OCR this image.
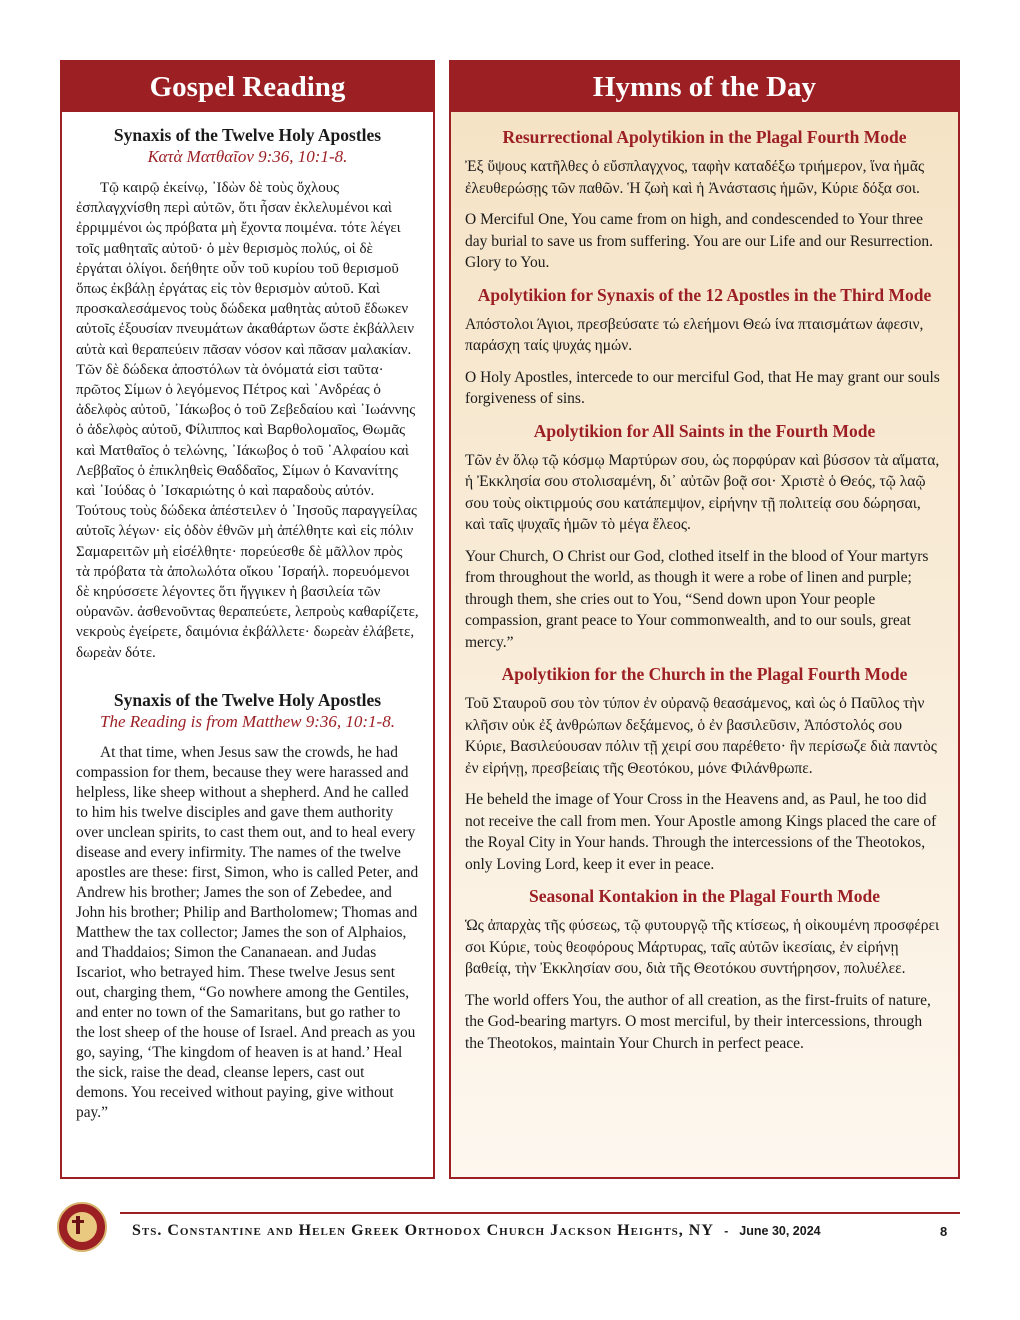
Gospel Reading

Synaxis of the Twelve Holy Apostles

Κατὰ Ματθαῖον 9:36, 10:1-8.

Τῷ καιρῷ ἐκείνῳ, ᾿Ιδὼν δὲ τοὺς ὄχλους ἐσπλαγχνίσθη περὶ αὐτῶν, ὅτι ἦσαν ἐκλελυμένοι καὶ ἐρριμμένοι ὡς πρόβατα μὴ ἔχοντα ποιμένα. τότε λέγει τοῖς μαθηταῖς αὐτοῦ· ὁ μὲν θερισμὸς πολύς, οἱ δὲ ἐργάται ὀλίγοι. δεήθητε οὖν τοῦ κυρίου τοῦ θερισμοῦ ὅπως ἐκβάλῃ ἐργάτας εἰς τὸν θερισμὸν αὐτοῦ. Καὶ προσκαλεσάμενος τοὺς δώδεκα μαθητὰς αὐτοῦ ἔδωκεν αὐτοῖς ἐξουσίαν πνευμάτων ἀκαθάρτων ὥστε ἐκβάλλειν αὐτὰ καὶ θεραπεύειν πᾶσαν νόσον καὶ πᾶσαν μαλακίαν. Τῶν δὲ δώδεκα ἀποστόλων τὰ ὀνόματά εἰσι ταῦτα· πρῶτος Σίμων ὁ λεγόμενος Πέτρος καὶ ᾿Ανδρέας ὁ ἀδελφὸς αὐτοῦ, ᾿Ιάκωβος ὁ τοῦ Ζεβεδαίου καὶ ᾿Ιωάννης ὁ ἀδελφὸς αὐτοῦ, Φίλιππος καὶ Βαρθολομαῖος, Θωμᾶς καὶ Ματθαῖος ὁ τελώνης, ᾿Ιάκωβος ὁ τοῦ ᾿Αλφαίου καὶ Λεββαῖος ὁ ἐπικληθεὶς Θαδδαῖος, Σίμων ὁ Κανανίτης καὶ ᾿Ιούδας ὁ ᾿Ισκαριώτης ὁ καὶ παραδοὺς αὐτόν. Τούτους τοὺς δώδεκα ἀπέστειλεν ὁ ᾿Ιησοῦς παραγγείλας αὐτοῖς λέγων· εἰς ὁδὸν ἐθνῶν μὴ ἀπέλθητε καὶ εἰς πόλιν Σαμαρειτῶν μὴ εἰσέλθητε· πορεύεσθε δὲ μᾶλλον πρὸς τὰ πρόβατα τὰ ἀπολωλότα οἴκου ᾿Ισραήλ. πορευόμενοι δὲ κηρύσσετε λέγοντες ὅτι ἤγγικεν ἡ βασιλεία τῶν οὐρανῶν. ἀσθενοῦντας θεραπεύετε, λεπροὺς καθαρίζετε, νεκροὺς ἐγείρετε, δαιμόνια ἐκβάλλετε· δωρεὰν ἐλάβετε, δωρεὰν δότε.

Synaxis of the Twelve Holy Apostles

The Reading is from Matthew 9:36, 10:1-8.

At that time, when Jesus saw the crowds, he had compassion for them, because they were harassed and helpless, like sheep without a shepherd. And he called to him his twelve disciples and gave them authority over unclean spirits, to cast them out, and to heal every disease and every infirmity. The names of the twelve apostles are these: first, Simon, who is called Peter, and Andrew his brother; James the son of Zebedee, and John his brother; Philip and Bartholomew; Thomas and Matthew the tax collector; James the son of Alphaios, and Thaddaios; Simon the Cananaean. and Judas Iscariot, who betrayed him. These twelve Jesus sent out, charging them, “Go nowhere among the Gentiles, and enter no town of the Samaritans, but go rather to the lost sheep of the house of Israel. And preach as you go, saying, ‘The kingdom of heaven is at hand.’ Heal the sick, raise the dead, cleanse lepers, cast out demons. You received without paying, give without pay.”

Hymns of the Day

Resurrectional Apolytikion in the Plagal Fourth Mode

Ἐξ ὕψους κατῆλθες ὁ εὔσπλαγχνος, ταφὴν καταδέξω τριήμερον, ἵνα ἡμᾶς ἐλευθερώσῃς τῶν παθῶν. Ἡ ζωὴ καὶ ἡ Ἀνάστασις ἡμῶν, Κύριε δόξα σοι.

O Merciful One, You came from on high, and condescended to Your three day burial to save us from suffering. You are our Life and our Resurrection. Glory to You.

Apolytikion for Synaxis of the 12 Apostles in the Third Mode

Απόστολοι Άγιοι, πρεσβεύσατε τώ ελεήμονι Θεώ ίνα πταισμάτων άφεσιν, παράσχη ταίς ψυχάς ημών.

O Holy Apostles, intercede to our merciful God, that He may grant our souls forgiveness of sins.

Apolytikion for All Saints in the Fourth Mode

Τῶν ἐν ὅλῳ τῷ κόσμῳ Μαρτύρων σου, ὡς πορφύραν καὶ βύσσον τὰ αἵματα, ἡ Ἐκκλησία σου στολισαμένη, δι᾽ αὐτῶν βοᾷ σοι· Χριστὲ ὁ Θεός, τῷ λαῷ σου τοὺς οἰκτιρμούς σου κατάπεμψον, εἰρήνην τῇ πολιτείᾳ σου δώρησαι, καὶ ταῖς ψυχαῖς ἡμῶν τὸ μέγα ἔλεος.

Your Church, O Christ our God, clothed itself in the blood of Your martyrs from throughout the world, as though it were a robe of linen and purple; through them, she cries out to You, “Send down upon Your people compassion, grant peace to Your commonwealth, and to our souls, great mercy.”

Apolytikion for the Church in the Plagal Fourth Mode

Τοῦ Σταυροῦ σου τὸν τύπον ἐν οὐρανῷ θεασάμενος, καὶ ὡς ὁ Παῦλος τὴν κλῆσιν οὐκ ἐξ ἀνθρώπων δεξάμενος, ὁ ἐν βασιλεῦσιν, Ἀπόστολός σου Κύριε, Βασιλεύουσαν πόλιν τῇ χειρί σου παρέθετο· ἣν περίσωζε διὰ παντὸς ἐν εἰρήνῃ, πρεσβείαις τῆς Θεοτόκου, μόνε Φιλάνθρωπε.

He beheld the image of Your Cross in the Heavens and, as Paul, he too did not receive the call from men. Your Apostle among Kings placed the care of the Royal City in Your hands. Through the intercessions of the Theotokos, only Loving Lord, keep it ever in peace.

Seasonal Kontakion in the Plagal Fourth Mode

Ὡς ἀπαρχὰς τῆς φύσεως, τῷ φυτουργῷ τῆς κτίσεως, ἡ οἰκουμένη προσφέρει σοι Κύριε, τοὺς θεοφόρους Μάρτυρας, ταῖς αὐτῶν ἱκεσίαις, ἐν εἰρήνῃ βαθείᾳ, τὴν Ἐκκλησίαν σου, διὰ τῆς Θεοτόκου συντήρησον, πολυέλεε.

The world offers You, the author of all creation, as the first-fruits of nature, the God-bearing martyrs. O most merciful, by their intercessions, through the Theotokos, maintain Your Church in perfect peace.

Sts. Constantine and Helen Greek Orthodox Church Jackson Heights, NY - June 30, 2024	8
